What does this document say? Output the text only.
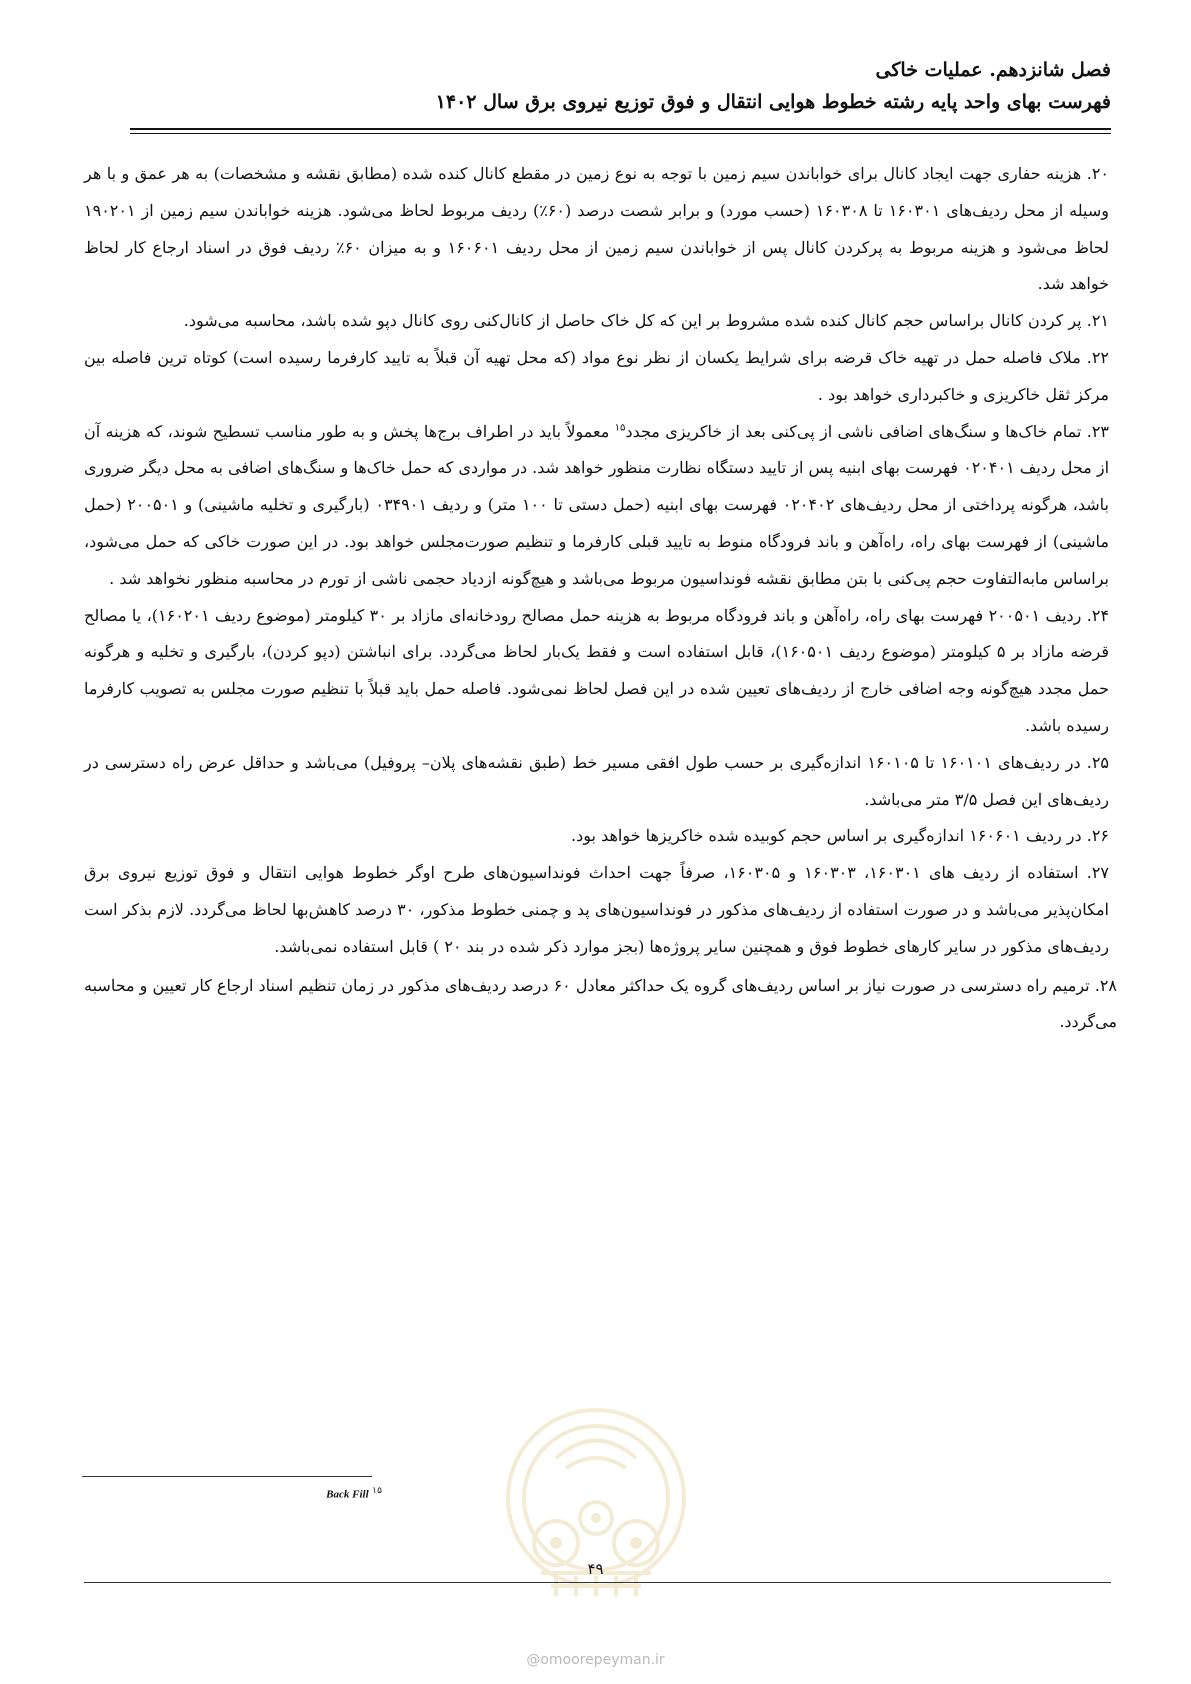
فصل شانزدهم. عملیات خاکی
فهرست بهای واحد پایه رشته خطوط هوایی انتقال و فوق توزیع نیروی برق سال ۱۴۰۲

۲۰. هزینه حفاری جهت ایجاد کانال برای خواباندن سیم زمین با توجه به نوع زمین در مقطع کانال کنده شده (مطابق نقشه و مشخصات) به هر عمق و با هر وسیله از محل ردیف‌های ۱۶۰۳۰۱ تا ۱۶۰۳۰۸ (حسب مورد) و برابر شصت درصد (۶۰٪) ردیف مربوط لحاظ می‌شود. هزینه خواباندن سیم زمین از ۱۹۰۲۰۱ لحاظ می‌شود و هزینه مربوط به پرکردن کانال پس از خواباندن سیم زمین از محل ردیف ۱۶۰۶۰۱ و به میزان ۶۰٪ ردیف فوق در اسناد ارجاع کار لحاظ خواهد شد.

۲۱. پر کردن کانال براساس حجم کانال کنده شده مشروط بر این که کل خاک حاصل از کانال‌کنی روی کانال دپو شده باشد، محاسبه می‌شود.

۲۲. ملاک فاصله حمل در تهیه خاک قرضه برای شرایط یکسان از نظر نوع مواد (که محل تهیه آن قبلاً به تایید کارفرما رسیده است) کوتاه ترین فاصله بین مرکز ثقل خاکریزی و خاکبرداری خواهد بود .

۲۳. تمام خاک‌ها و سنگ‌های اضافی ناشی از پی‌کنی بعد از خاکریزی مجدد$^{۱۵}$ معمولاً باید در اطراف برج‌ها پخش و به طور مناسب تسطیح شوند، که هزینه آن از محل ردیف ۰۲۰۴۰۱ فهرست بهای ابنیه پس از تایید دستگاه نظارت منظور خواهد شد. در مواردی که حمل خاک‌ها و سنگ‌های اضافی به محل دیگر ضروری باشد، هرگونه پرداختی از محل ردیف‌های ۰۲۰۴۰۲ فهرست بهای ابنیه (حمل دستی تا ۱۰۰ متر) و ردیف ۰۳۴۹۰۱ (بارگیری و تخلیه ماشینی) و ۲۰۰۵۰۱ (حمل ماشینی) از فهرست بهای راه، راه‌آهن و باند فرودگاه منوط به تایید قبلی کارفرما و تنظیم صورت‌مجلس خواهد بود. در این صورت خاکی که حمل می‌شود، براساس مابه‌التفاوت حجم پی‌کنی با بتن مطابق نقشه فونداسیون مربوط می‌باشد و هیچ‌گونه ازدیاد حجمی ناشی از تورم در محاسبه منظور نخواهد شد .

۲۴. ردیف ۲۰۰۵۰۱ فهرست بهای راه، راه‌آهن و باند فرودگاه مربوط به هزینه حمل مصالح رودخانه‌ای مازاد بر ۳۰ کیلومتر (موضوع ردیف ۱۶۰۲۰۱)، یا مصالح قرضه مازاد بر ۵ کیلومتر (موضوع ردیف ۱۶۰۵۰۱)، قابل استفاده است و فقط یک‌بار لحاظ می‌گردد. برای انباشتن (دپو کردن)، بارگیری و تخلیه و هرگونه حمل مجدد هیچ‌گونه وجه اضافی خارج از ردیف‌های تعیین شده در این فصل لحاظ نمی‌شود. فاصله حمل باید قبلاً با تنظیم صورت مجلس به تصویب کارفرما رسیده باشد.

۲۵. در ردیف‌های ۱۶۰۱۰۱ تا ۱۶۰۱۰۵ اندازه‌گیری بر حسب طول افقی مسیر خط (طبق نقشه‌های پلان– پروفیل) می‌باشد و حداقل عرض راه دسترسی در ردیف‌های این فصل ۳/۵ متر می‌باشد.

۲۶. در ردیف ۱۶۰۶۰۱ اندازه‌گیری بر اساس حجم کوبیده شده خاکریزها خواهد بود.

۲۷. استفاده از ردیف های ۱۶۰۳۰۱، ۱۶۰۳۰۳ و ۱۶۰۳۰۵، صرفاً جهت احداث فونداسیون‌های طرح اوگر خطوط هوایی انتقال و فوق توزیع نیروی برق امکان‌پذیر می‌باشد و در صورت استفاده از ردیف‌های مذکور در فونداسیون‌های پد و چمنی خطوط مذکور، ۳۰ درصد کاهش‌بها لحاظ می‌گردد. لازم بذکر است ردیف‌های مذکور در سایر کارهای خطوط فوق و همچنین سایر پروژه‌ها (بجز موارد ذکر شده در بند ۲۰ ) قابل استفاده نمی‌باشد.

۲۸. ترمیم راه دسترسی در صورت نیاز بر اساس ردیف‌های گروه یک حداکثر معادل ۶۰ درصد ردیف‌های مذکور در زمان تنظیم اسناد ارجاع کار تعیین و محاسبه می‌گردد.

Back Fill $^{۱۵}$
۴۹
@omoorepeyman.ir
